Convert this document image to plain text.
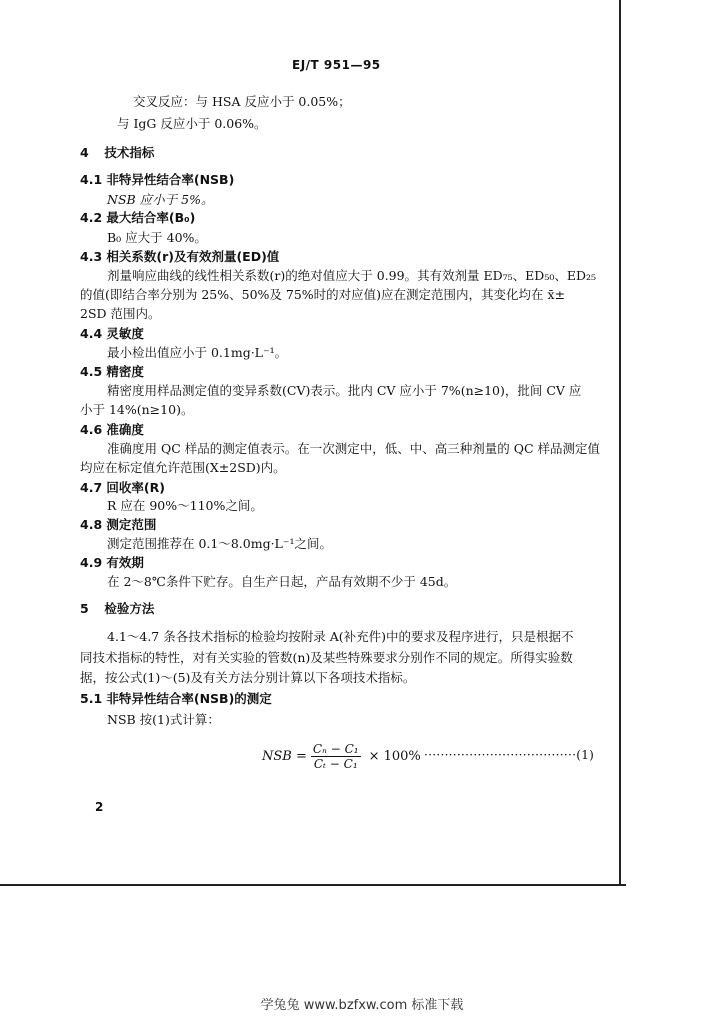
EJ/T 951—95
交叉反应：与 HSA 反应小于 0.05%；
与 IgG 反应小于 0.06%。
4 技术指标
4.1 非特异性结合率(NSB)
NSB 应小于 5%。
4.2 最大结合率(B₀)
B₀ 应大于 40%。
4.3 相关系数(r)及有效剂量(ED)值
剂量响应曲线的线性相关系数(r)的绝对值应大于 0.99。其有效剂量 ED₇₅、ED₅₀、ED₂₅
的值(即结合率分别为 25%、50%及 75%时的对应值)应在测定范围内，其变化均在 x̄±
2SD 范围内。
4.4 灵敏度
最小检出值应小于 0.1mg·L⁻¹。
4.5 精密度
精密度用样品测定值的变异系数(CV)表示。批内 CV 应小于 7%(n≥10)，批间 CV 应
小于 14%(n≥10)。
4.6 准确度
准确度用 QC 样品的测定值表示。在一次测定中，低、中、高三种剂量的 QC 样品测定值
均应在标定值允许范围(X±2SD)内。
4.7 回收率(R)
R 应在 90%～110%之间。
4.8 测定范围
测定范围推荐在 0.1～8.0mg·L⁻¹之间。
4.9 有效期
在 2～8℃条件下贮存。自生产日起，产品有效期不少于 45d。
5 检验方法
4.1～4.7 条各技术指标的检验均按附录 A(补充件)中的要求及程序进行，只是根据不
同技术指标的特性，对有关实验的管数(n)及某些特殊要求分别作不同的规定。所得实验数
据，按公式(1)～(5)及有关方法分别计算以下各项技术指标。
5.1 非特异性结合率(NSB)的测定
NSB 按(1)式计算：
NSB = $\frac{\text{Cₙ − C₁}}{\text{Cₜ − C₁}} \times 100\% \cdot\cdot\cdot\cdot\cdot\cdot\cdot\cdot\cdot\cdot\cdot\cdot\cdot\cdot\cdot\cdot\cdot\cdot\cdot\cdot\cdot\cdot\cdot\cdot\cdot\cdot\cdot\cdot\cdot\cdot\cdot\cdot\cdot\cdot\cdot\cdot\cdot(1)$
2
学兔兔 www.bzfxw.com 标准下载
